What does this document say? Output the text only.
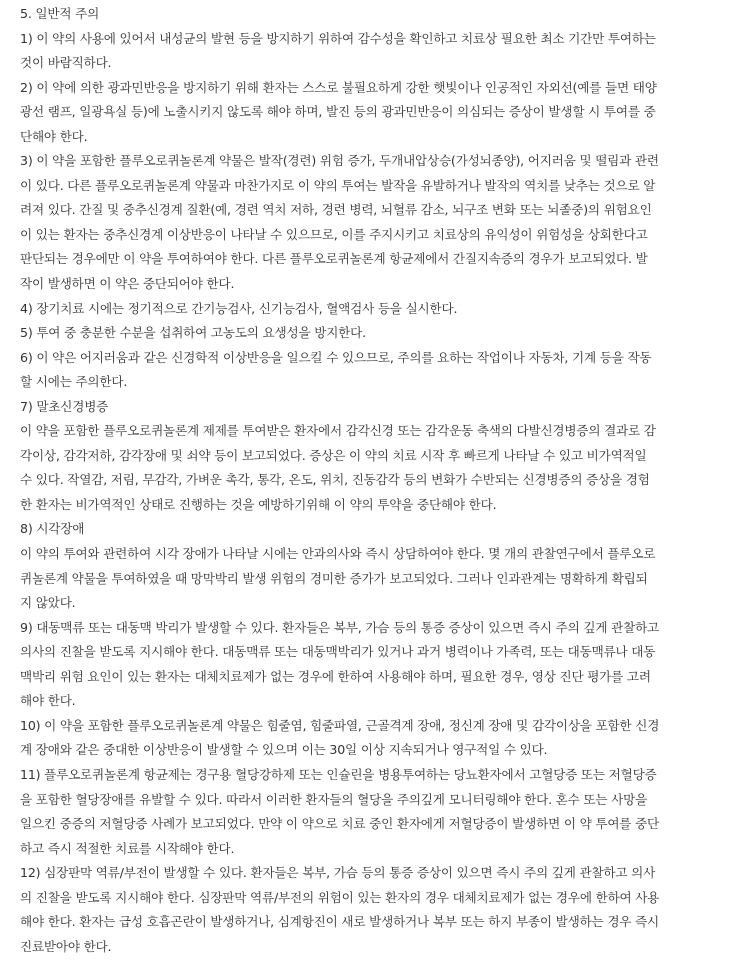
5. 일반적 주의

1) 이 약의 사용에 있어서 내성균의 발현 등을 방지하기 위하여 감수성을 확인하고 치료상 필요한 최소 기간만 투여하는

것이 바람직하다.

2) 이 약에 의한 광과민반응을 방지하기 위해 환자는 스스로 불필요하게 강한 햇빛이나 인공적인 자외선(예를 들면 태양

광선 램프, 일광욕실 등)에 노출시키지 않도록 해야 하며, 발진 등의 광과민반응이 의심되는 증상이 발생할 시 투여를 중

단해야 한다.

3) 이 약을 포함한 플루오로퀴놀론계 약물은 발작(경련) 위험 증가, 두개내압상승(가성뇌종양), 어지러움 및 떨림과 관련

이 있다. 다른 플루오로퀴놀론계 약물과 마찬가지로 이 약의 투여는 발작을 유발하거나 발작의 역치를 낮추는 것으로 알

려져 있다. 간질 및 중추신경계 질환(예, 경련 역치 저하, 경련 병력, 뇌혈류 감소, 뇌구조 변화 또는 뇌졸중)의 위험요인

이 있는 환자는 중추신경계 이상반응이 나타날 수 있으므로, 이를 주지시키고 치료상의 유익성이 위험성을 상회한다고

판단되는 경우에만 이 약을 투여하여야 한다. 다른 플루오로퀴놀론계 항균제에서 간질지속증의 경우가 보고되었다. 발

작이 발생하면 이 약은 중단되어야 한다.

4) 장기치료 시에는 정기적으로 간기능검사, 신기능검사, 혈액검사 등을 실시한다.

5) 투여 중 충분한 수분을 섭취하여 고농도의 요생성을 방지한다.

6) 이 약은 어지러움과 같은 신경학적 이상반응을 일으킬 수 있으므로, 주의를 요하는 작업이나 자동차, 기계 등을 작동

할 시에는 주의한다.

7) 말초신경병증

이 약을 포함한 플루오로퀴놀론계 제제를 투여받은 환자에서 감각신경 또는 감각운동 축색의 다발신경병증의 결과로 감

각이상, 감각저하, 감각장애 및 쇠약 등이 보고되었다. 증상은 이 약의 치료 시작 후 빠르게 나타날 수 있고 비가역적일

수 있다. 작열감, 저림, 무감각, 가벼운 촉각, 통각, 온도, 위치, 진동감각 등의 변화가 수반되는 신경병증의 증상을 경험

한 환자는 비가역적인 상태로 진행하는 것을 예방하기위해 이 약의 투약을 중단해야 한다.

8) 시각장애

이 약의 투여와 관련하여 시각 장애가 나타날 시에는 안과의사와 즉시 상담하여야 한다. 몇 개의 관찰연구에서 플루오로

퀴놀론계 약물을 투여하였을 때 망막박리 발생 위험의 경미한 증가가 보고되었다. 그러나 인과관계는 명확하게 확립되

지 않았다.

9) 대동맥류 또는 대동맥 박리가 발생할 수 있다. 환자들은 복부, 가슴 등의 통증 증상이 있으면 즉시 주의 깊게 관찰하고

의사의 진찰을 받도록 지시해야 한다. 대동맥류 또는 대동맥박리가 있거나 과거 병력이나 가족력, 또는 대동맥류나 대동

맥박리 위험 요인이 있는 환자는 대체치료제가 없는 경우에 한하여 사용해야 하며, 필요한 경우, 영상 진단 평가를 고려

해야 한다.

10) 이 약을 포함한 플루오로퀴놀론계 약물은 힘줄염, 힘줄파열, 근골격계 장애, 정신계 장애 및 감각이상을 포함한 신경

계 장애와 같은 중대한 이상반응이 발생할 수 있으며 이는 30일 이상 지속되거나 영구적일 수 있다.

11) 플루오로퀴놀론계 항균제는 경구용 혈당강하제 또는 인슐린을 병용투여하는 당뇨환자에서 고혈당증 또는 저혈당증

을 포함한 혈당장애를 유발할 수 있다. 따라서 이러한 환자들의 혈당을 주의깊게 모니터링해야 한다. 혼수 또는 사망을

일으킨 중증의 저혈당증 사례가 보고되었다. 만약 이 약으로 치료 중인 환자에게 저혈당증이 발생하면 이 약 투여를 중단

하고 즉시 적절한 치료를 시작해야 한다.

12) 심장판막 역류/부전이 발생할 수 있다. 환자들은 복부, 가슴 등의 통증 증상이 있으면 즉시 주의 깊게 관찰하고 의사

의 진찰을 받도록 지시해야 한다. 심장판막 역류/부전의 위험이 있는 환자의 경우 대체치료제가 없는 경우에 한하여 사용

해야 한다. 환자는 급성 호흡곤란이 발생하거나, 심계항진이 새로 발생하거나 복부 또는 하지 부종이 발생하는 경우 즉시

진료받아야 한다.
